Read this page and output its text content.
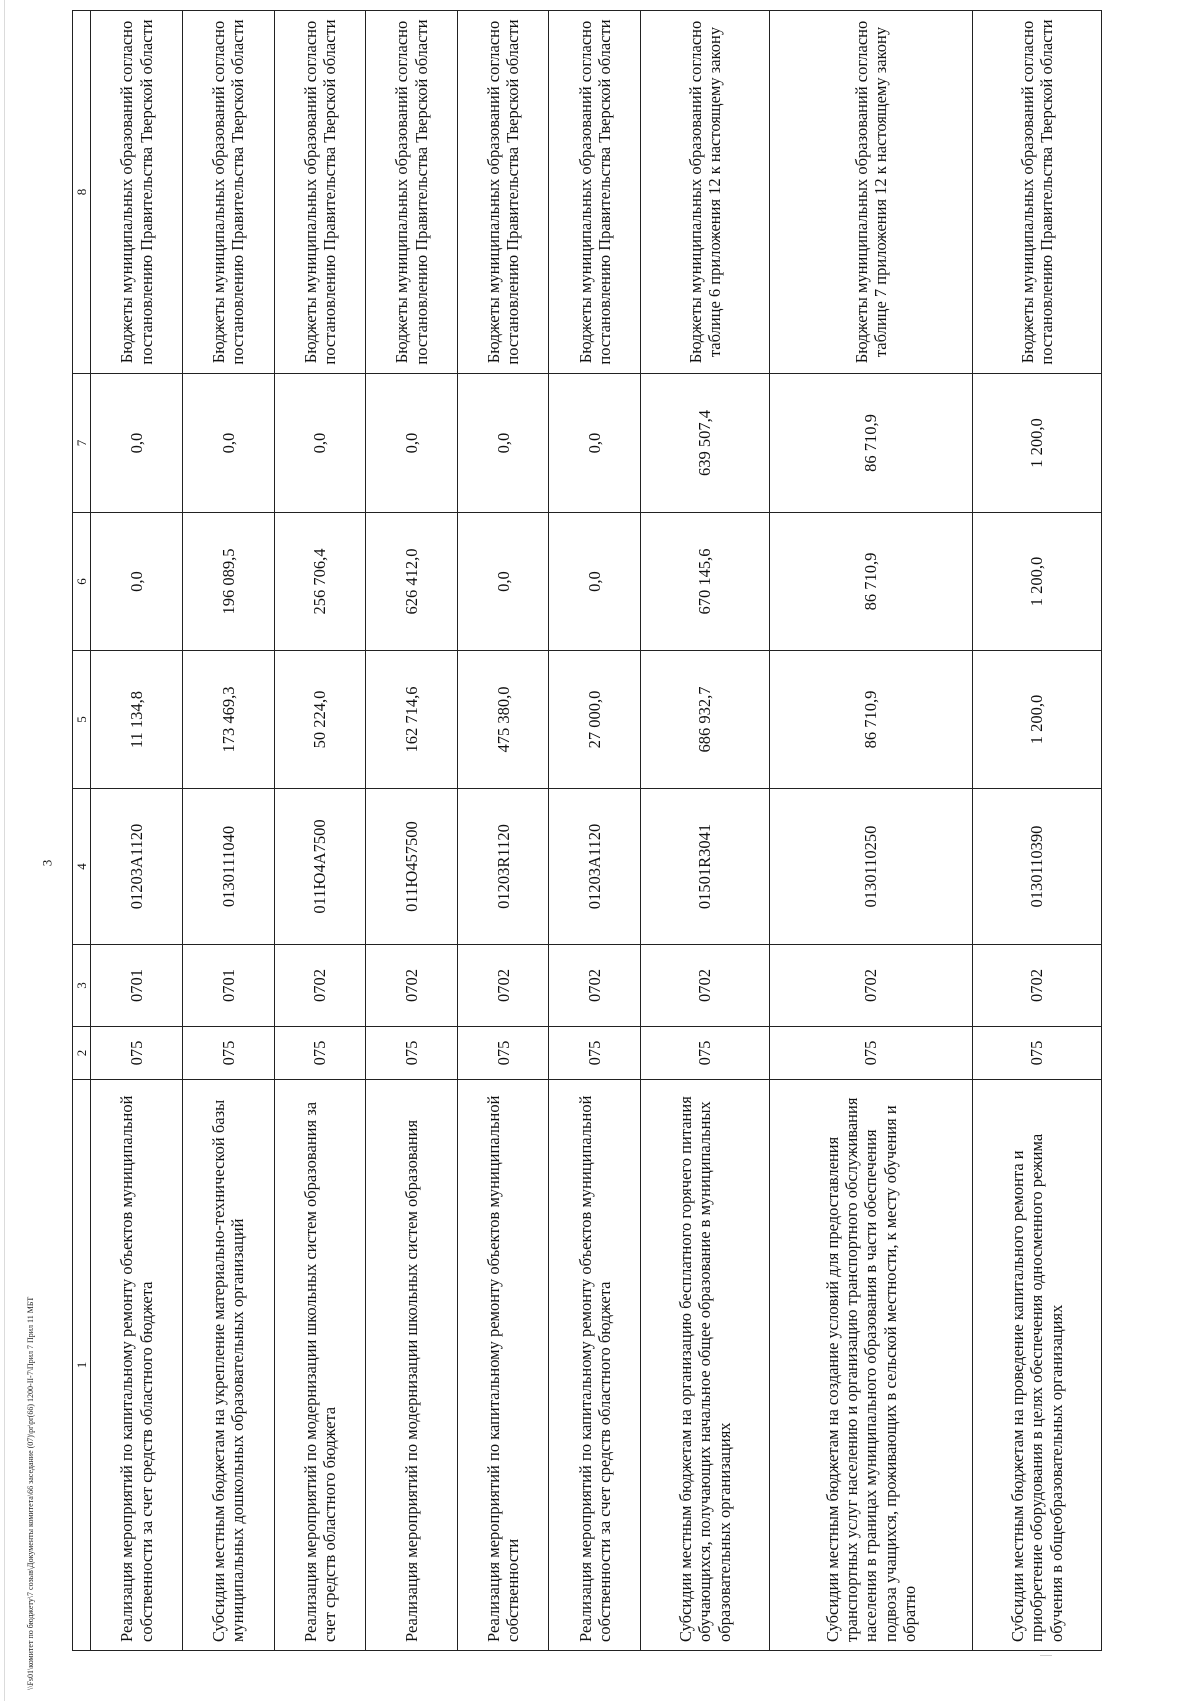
3
1	2	3	4	5	6	7	8
Реализация мероприятий по капитальному ремонту объектов муниципальной собственности за счет средств областного бюджета	075	0701	01203A1120	11 134,8	0,0	0,0	Бюджеты муниципальных образований согласно постановлению Правительства Тверской области
Субсидии местным бюджетам на укрепление материально-технической базы муниципальных дошкольных образовательных организаций	075	0701	0130111040	173 469,3	196 089,5	0,0	Бюджеты муниципальных образований согласно постановлению Правительства Тверской области
Реализация мероприятий по модернизации школьных систем образования за счет средств областного бюджета	075	0702	011Ю4А7500	50 224,0	256 706,4	0,0	Бюджеты муниципальных образований согласно постановлению Правительства Тверской области
Реализация мероприятий по модернизации школьных систем образования	075	0702	011Ю457500	162 714,6	626 412,0	0,0	Бюджеты муниципальных образований согласно постановлению Правительства Тверской области
Реализация мероприятий по капитальному ремонту объектов муниципальной собственности	075	0702	01203R1120	475 380,0	0,0	0,0	Бюджеты муниципальных образований согласно постановлению Правительства Тверской области
Реализация мероприятий по капитальному ремонту объектов муниципальной собственности за счет средств областного бюджета	075	0702	01203A1120	27 000,0	0,0	0,0	Бюджеты муниципальных образований согласно постановлению Правительства Тверской области
Субсидии местным бюджетам на организацию бесплатного горячего питания обучающихся, получающих начальное общее образование в муниципальных образовательных организациях	075	0702	01501R3041	686 932,7	670 145,6	639 507,4	Бюджеты муниципальных образований согласно таблице 6 приложения 12 к настоящему закону
Субсидии местным бюджетам на создание условий для предоставления транспортных услуг населению и организацию транспортного обслуживания населения в границах муниципального образования в части обеспечения подвоза учащихся, проживающих в сельской местности, к месту обучения и обратно	075	0702	0130110250	86 710,9	86 710,9	86 710,9	Бюджеты муниципальных образований согласно таблице 7 приложения 12 к настоящему закону
Субсидии местным бюджетам на проведение капитального ремонта и приобретение оборудования в целях обеспечения односменного режима обучения в общеобразовательных организациях	075	0702	0130110390	1 200,0	1 200,0	1 200,0	Бюджеты муниципальных образований согласно постановлению Правительства Тверской области
\\Fs01\комитет по бюджету\7 созыв\Документы комитета\66 заседание (07)\pr\pr(66) 1200-II-7\Прил 7 Прил 11 МБТ
